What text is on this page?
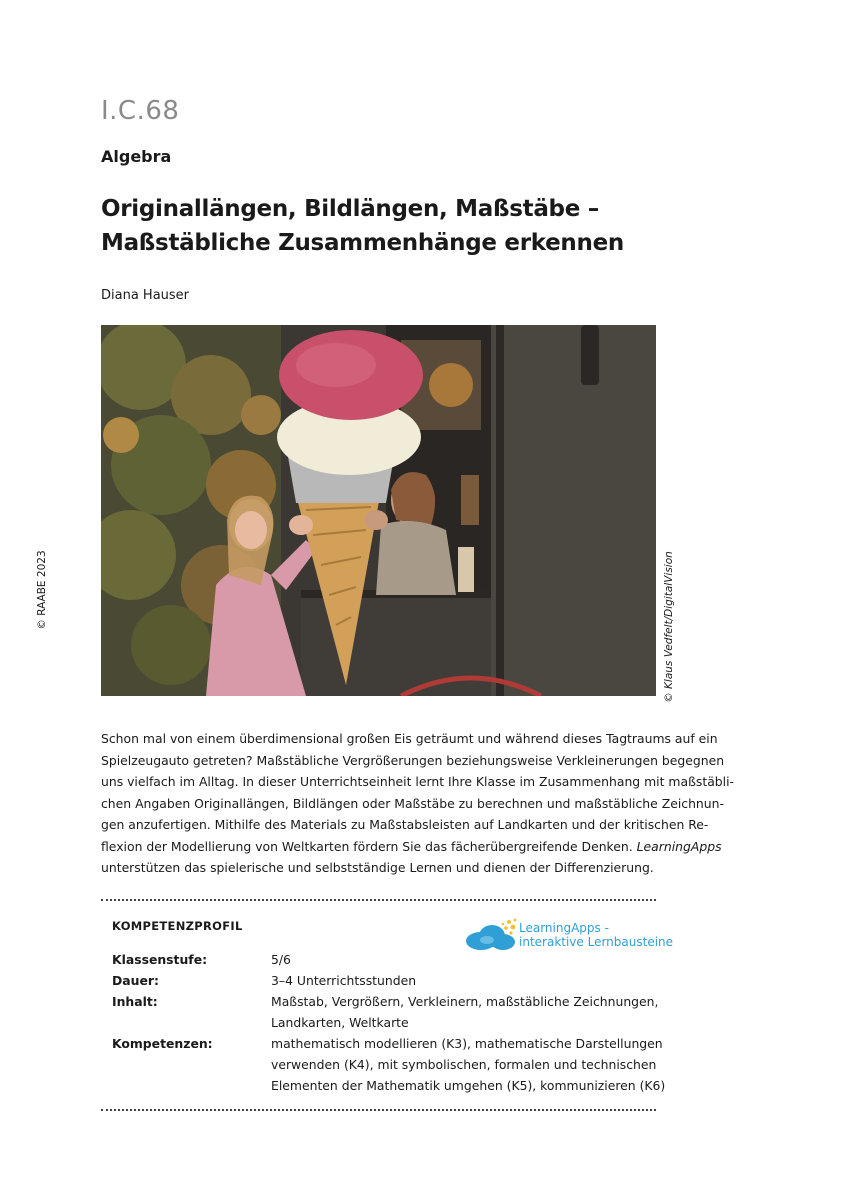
I.C.68
Algebra
Originallängen, Bildlängen, Maßstäbe –
Maßstäbliche Zusammenhänge erkennen
Diana Hauser
© RAABE 2023	© Klaus Vedfelt/DigitalVision

Schon mal von einem überdimensional großen Eis geträumt und während dieses Tagtraums auf ein

Spielzeugauto getreten? Maßstäbliche Vergrößerungen beziehungsweise Verkleinerungen begegnen

uns vielfach im Alltag. In dieser Unterrichtseinheit lernt Ihre Klasse im Zusammenhang mit maßstäbli-

chen Angaben Originallängen, Bildlängen oder Maßstäbe zu berechnen und maßstäbliche Zeichnun-

gen anzufertigen. Mithilfe des Materials zu Maßstabsleisten auf Landkarten und der kritischen Re-

flexion der Modellierung von Weltkarten fördern Sie das fächerübergreifende Denken. LearningApps

unterstützen das spielerische und selbstständige Lernen und dienen der Differenzierung.

KOMPETENZPROFIL	LearningApps -
interaktive Lernbausteine
Klassenstufe:	5/6
Dauer:	3–4 Unterrichtsstunden
Inhalt:	Maßstab, Vergrößern, Verkleinern, maßstäbliche Zeichnungen,
Landkarten, Weltkarte
Kompetenzen:	mathematisch modellieren (K3), mathematische Darstellungen
verwenden (K4), mit symbolischen, formalen und technischen
Elementen der Mathematik umgehen (K5), kommunizieren (K6)
